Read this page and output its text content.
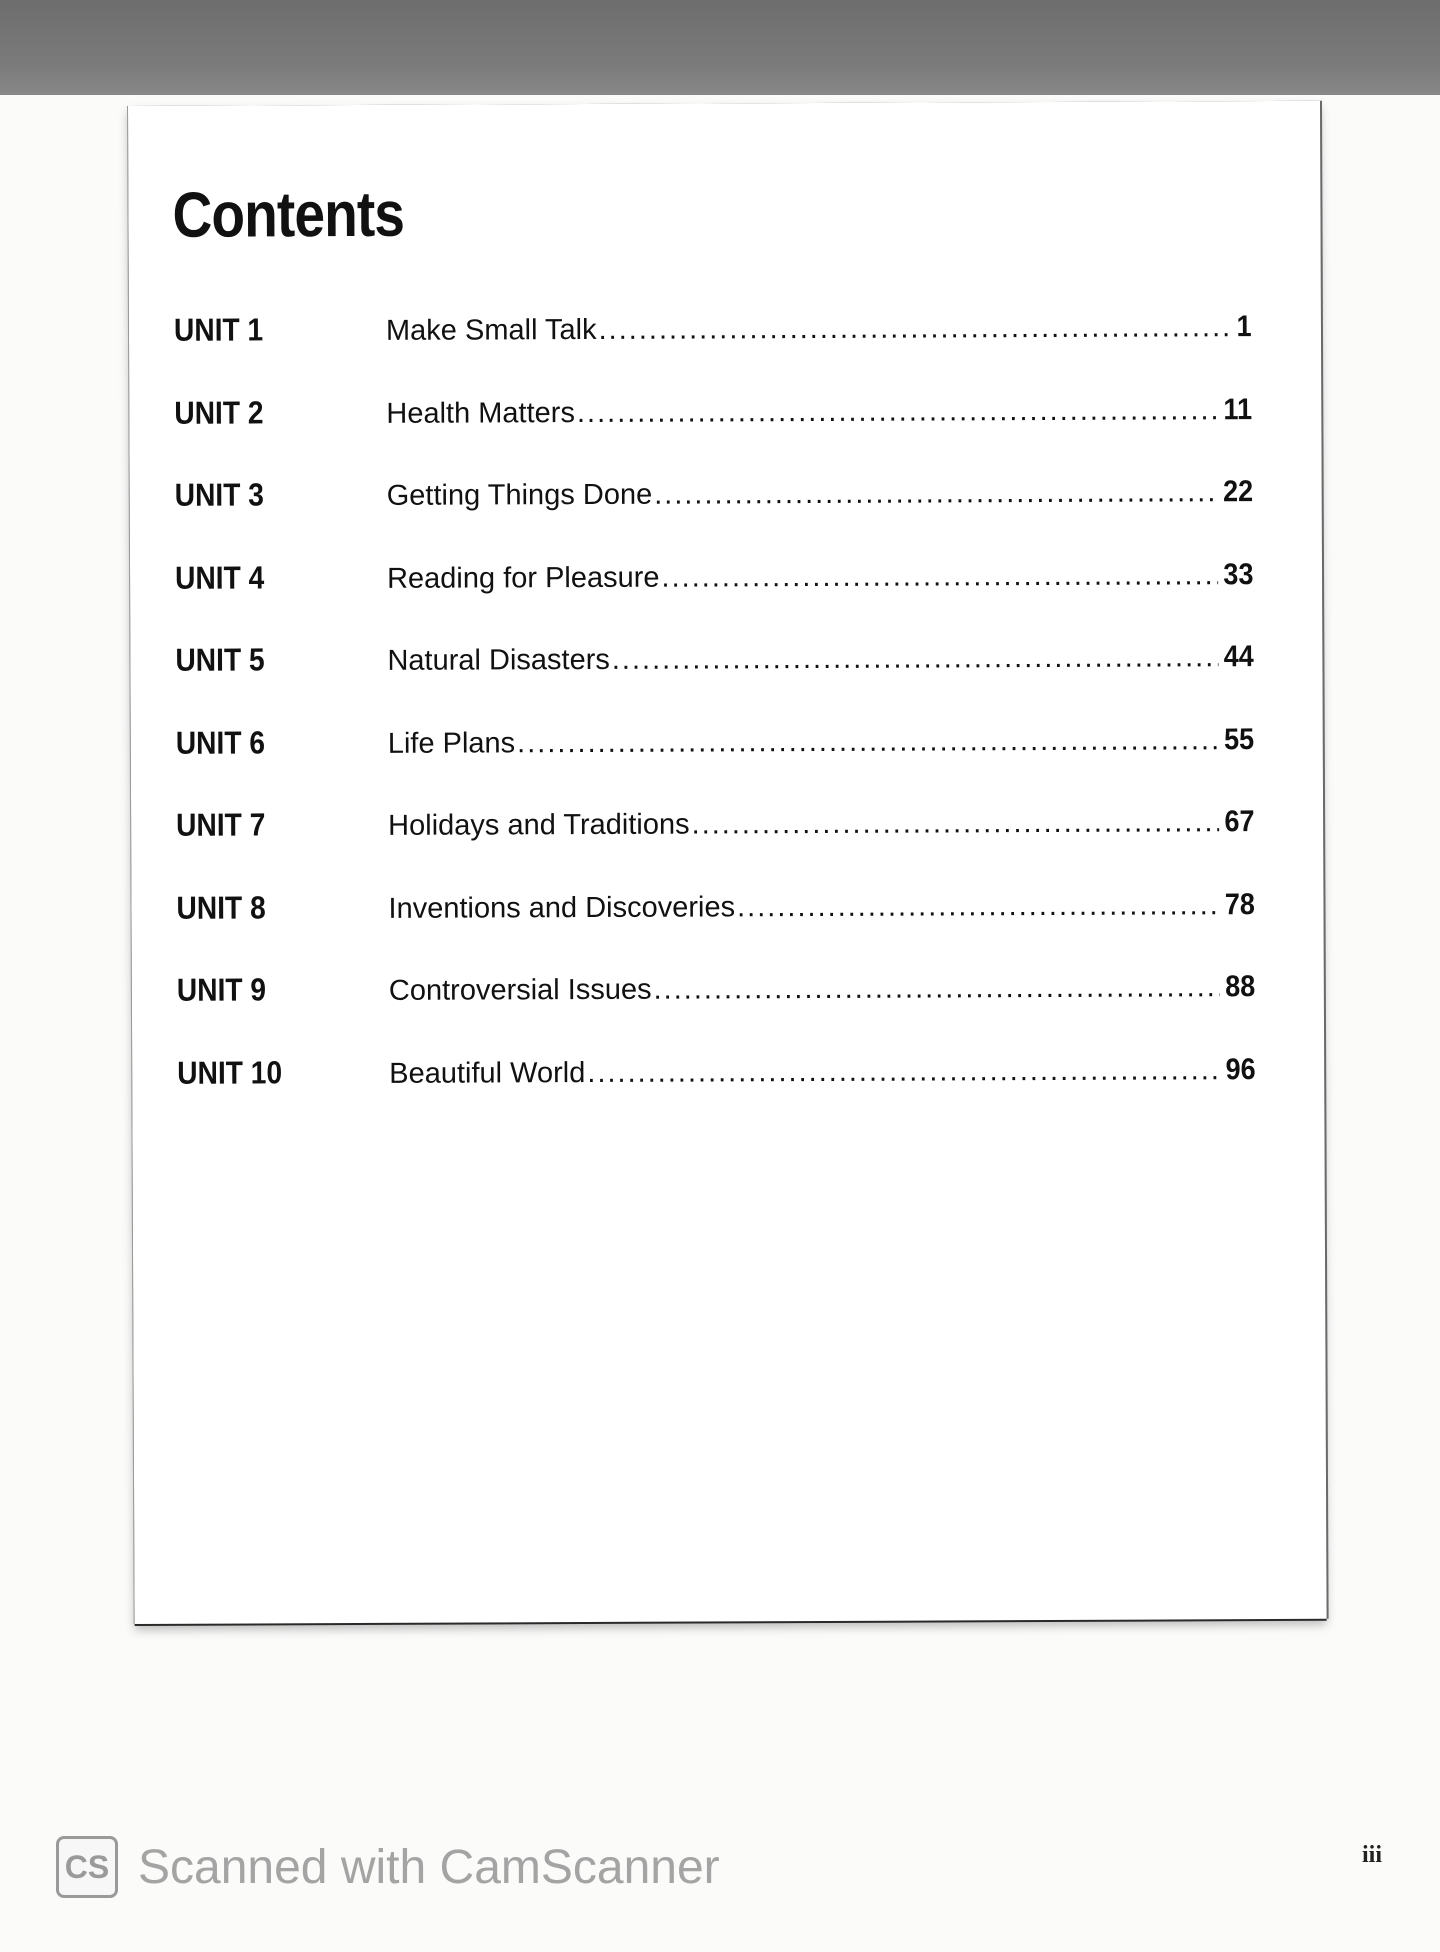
Contents
UNIT 1	Make Small Talk .....	1
UNIT 2	Health Matters .....	11
UNIT 3	Getting Things Done .....	22
UNIT 4	Reading for Pleasure .....	33
UNIT 5	Natural Disasters .....	44
UNIT 6	Life Plans .....	55
UNIT 7	Holidays and Traditions .....	67
UNIT 8	Inventions and Discoveries .....	78
UNIT 9	Controversial Issues .....	88
UNIT 10	Beautiful World .....	96
CS Scanned with CamScanner	iii
